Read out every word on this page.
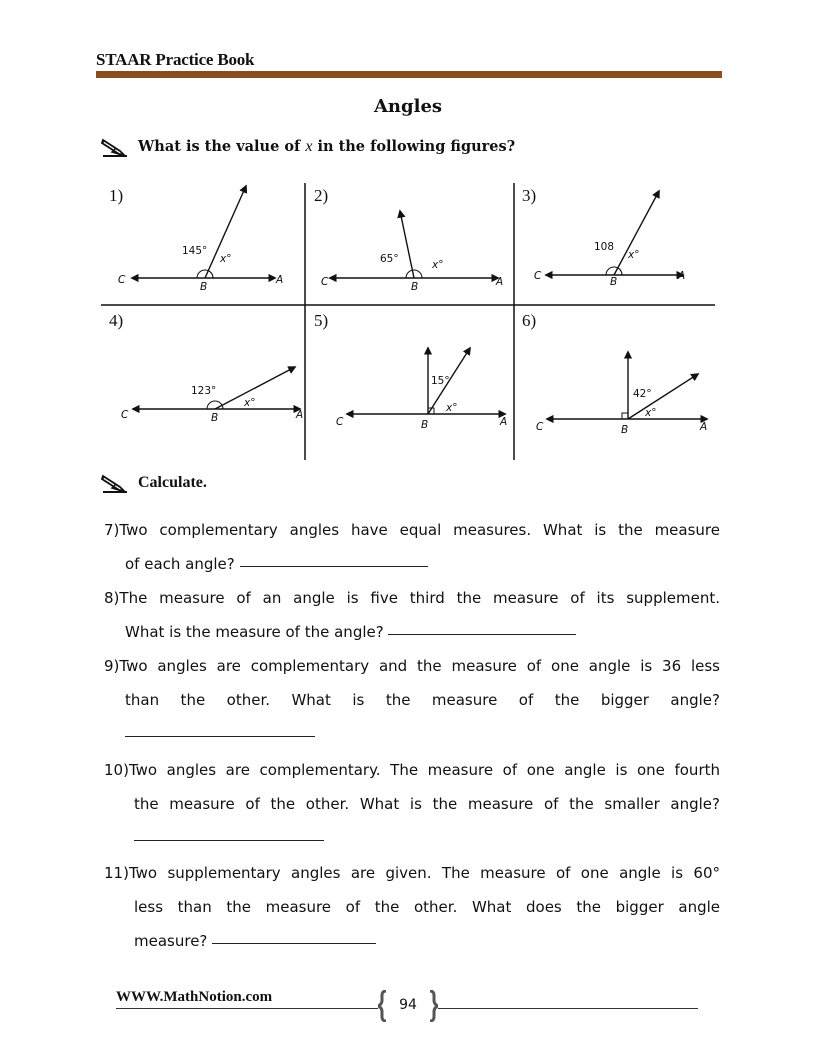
STAAR Practice Book
Angles
What is the value of x in the following figures?
145°
x°
C
B
A
65°	x°
C	B	A
108
x°
C	B	A
123°
x°
C	B	A
15°
x°
C	B	A
42°
x°
C	B	A
1)	2)	3)
4)	5)	6)
Calculate.
7)Two complementary angles have equal measures. What is the measure
of each angle?
8)The measure of an angle is five third the measure of its supplement.
What is the measure of the angle?
9)Two angles are complementary and the measure of one angle is 36 less
than the other. What is the measure of the bigger angle?
10)Two angles are complementary. The measure of one angle is one fourth
the measure of the other. What is the measure of the smaller angle?
11)Two supplementary angles are given. The measure of one angle is 60°
less than the measure of the other. What does the bigger angle
measure?
WWW.MathNotion.com	94
